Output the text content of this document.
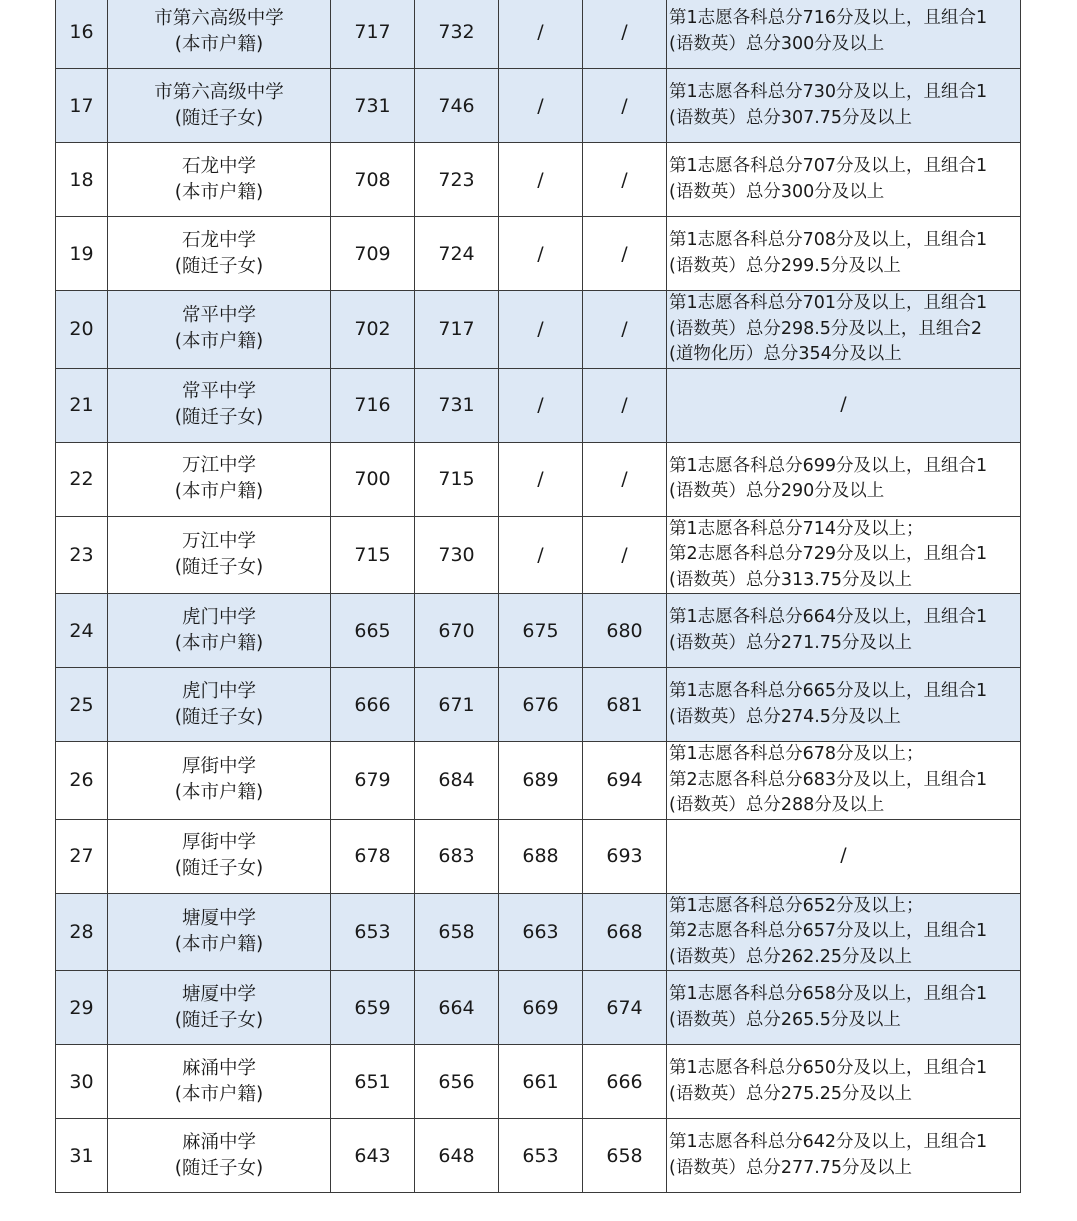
16	市第六高级中学
(本市户籍)	717	732	/	/	第1志愿各科总分716分及以上，且组合1
(语数英）总分300分及以上

17	市第六高级中学
(随迁子女)	731	746	/	/	第1志愿各科总分730分及以上，且组合1
(语数英）总分307.75分及以上

18	石龙中学
(本市户籍)	708	723	/	/	第1志愿各科总分707分及以上，且组合1
(语数英）总分300分及以上

19	石龙中学
(随迁子女)	709	724	/	/	第1志愿各科总分708分及以上，且组合1
(语数英）总分299.5分及以上

20	常平中学
(本市户籍)	702	717	/	/	第1志愿各科总分701分及以上，且组合1
(语数英）总分298.5分及以上，且组合2
(道物化历）总分354分及以上

21	常平中学
(随迁子女)	716	731	/	/	/

22	万江中学
(本市户籍)	700	715	/	/	第1志愿各科总分699分及以上，且组合1
(语数英）总分290分及以上

23	万江中学
(随迁子女)	715	730	/	/	第1志愿各科总分714分及以上；
第2志愿各科总分729分及以上，且组合1
(语数英）总分313.75分及以上

24	虎门中学
(本市户籍)	665	670	675	680	第1志愿各科总分664分及以上，且组合1
(语数英）总分271.75分及以上

25	虎门中学
(随迁子女)	666	671	676	681	第1志愿各科总分665分及以上，且组合1
(语数英）总分274.5分及以上

26	厚街中学
(本市户籍)	679	684	689	694	第1志愿各科总分678分及以上；
第2志愿各科总分683分及以上，且组合1
(语数英）总分288分及以上

27	厚街中学
(随迁子女)	678	683	688	693	/

28	塘厦中学
(本市户籍)	653	658	663	668	第1志愿各科总分652分及以上；
第2志愿各科总分657分及以上，且组合1
(语数英）总分262.25分及以上

29	塘厦中学
(随迁子女)	659	664	669	674	第1志愿各科总分658分及以上，且组合1
(语数英）总分265.5分及以上

30	麻涌中学
(本市户籍)	651	656	661	666	第1志愿各科总分650分及以上，且组合1
(语数英）总分275.25分及以上

31	麻涌中学
(随迁子女)	643	648	653	658	第1志愿各科总分642分及以上，且组合1
(语数英）总分277.75分及以上
